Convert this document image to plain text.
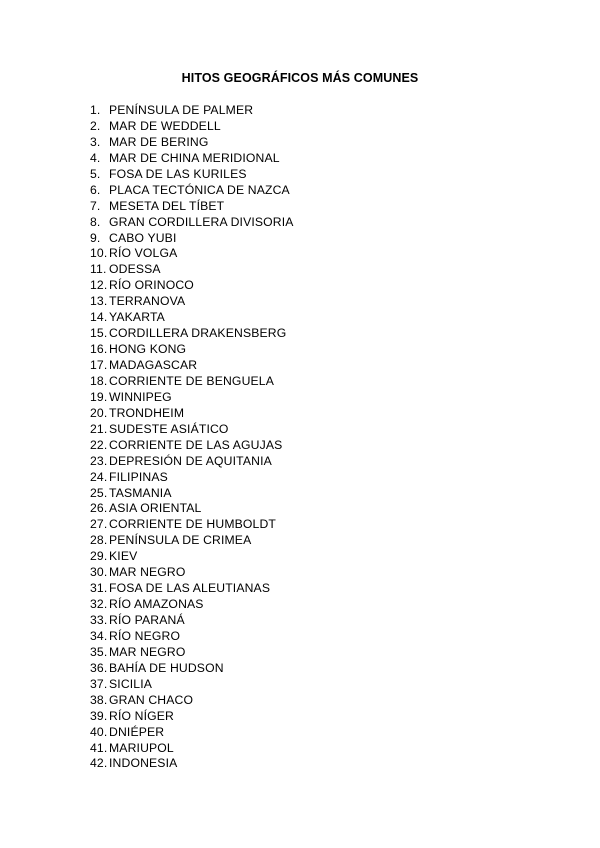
HITOS GEOGRÁFICOS MÁS COMUNES
1. PENÍNSULA DE PALMER
2. MAR DE WEDDELL
3. MAR DE BERING
4. MAR DE CHINA MERIDIONAL
5. FOSA DE LAS KURILES
6. PLACA TECTÓNICA DE NAZCA
7. MESETA DEL TÍBET
8. GRAN CORDILLERA DIVISORIA
9. CABO YUBI
10. RÍO VOLGA
11. ODESSA
12. RÍO ORINOCO
13. TERRANOVA
14. YAKARTA
15. CORDILLERA DRAKENSBERG
16. HONG KONG
17. MADAGASCAR
18. CORRIENTE DE BENGUELA
19. WINNIPEG
20. TRONDHEIM
21. SUDESTE ASIÁTICO
22. CORRIENTE DE LAS AGUJAS
23. DEPRESIÓN DE AQUITANIA
24. FILIPINAS
25. TASMANIA
26. ASIA ORIENTAL
27. CORRIENTE DE HUMBOLDT
28. PENÍNSULA DE CRIMEA
29. KIEV
30. MAR NEGRO
31. FOSA DE LAS ALEUTIANAS
32. RÍO AMAZONAS
33. RÍO PARANÁ
34. RÍO NEGRO
35. MAR NEGRO
36. BAHÍA DE HUDSON
37. SICILIA
38. GRAN CHACO
39. RÍO NÍGER
40. DNIÉPER
41. MARIUPOL
42. INDONESIA
